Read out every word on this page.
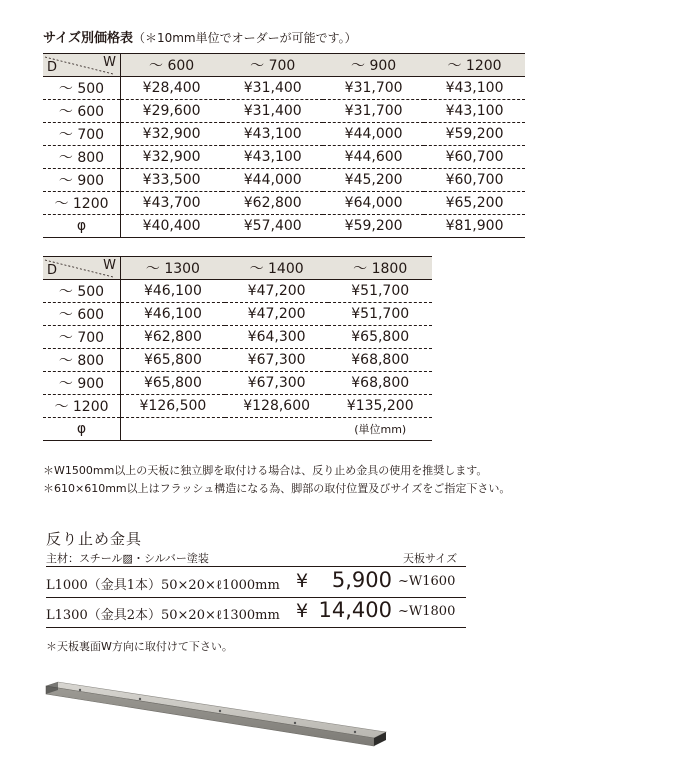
サイズ別価格表（＊10mm単位でオーダーが可能です。）
D W	～ 600	～ 700	～ 900	～ 1200
～ 500	¥28,400	¥31,400	¥31,700	¥43,100
～ 600	¥29,600	¥31,400	¥31,700	¥43,100
～ 700	¥32,900	¥43,100	¥44,000	¥59,200
～ 800	¥32,900	¥43,100	¥44,600	¥60,700
～ 900	¥33,500	¥44,000	¥45,200	¥60,700
～ 1200	¥43,700	¥62,800	¥64,000	¥65,200
φ	¥40,400	¥57,400	¥59,200	¥81,900
D W	～ 1300	～ 1400	～ 1800
～ 500	¥46,100	¥47,200	¥51,700
～ 600	¥46,100	¥47,200	¥51,700
～ 700	¥62,800	¥64,300	¥65,800
～ 800	¥65,800	¥67,300	¥68,800
～ 900	¥65,800	¥67,300	¥68,800
～ 1200	¥126,500	¥128,600	¥135,200
φ			(単位mm)
＊W1500mm以上の天板に独立脚を取付ける場合は、反り止め金具の使用を推奨します。
＊610×610mm以上はフラッシュ構造になる為、脚部の取付位置及びサイズをご指定下さい。
反り止め金具
主材：スチール▨・シルバー塗装	天板サイズ
L1000（金具1本）50×20×ℓ1000mm ¥	5,900 ~W1600
L1300（金具2本）50×20×ℓ1300mm ¥ 14,400 ~W1800
＊天板裏面W方向に取付けて下さい。
